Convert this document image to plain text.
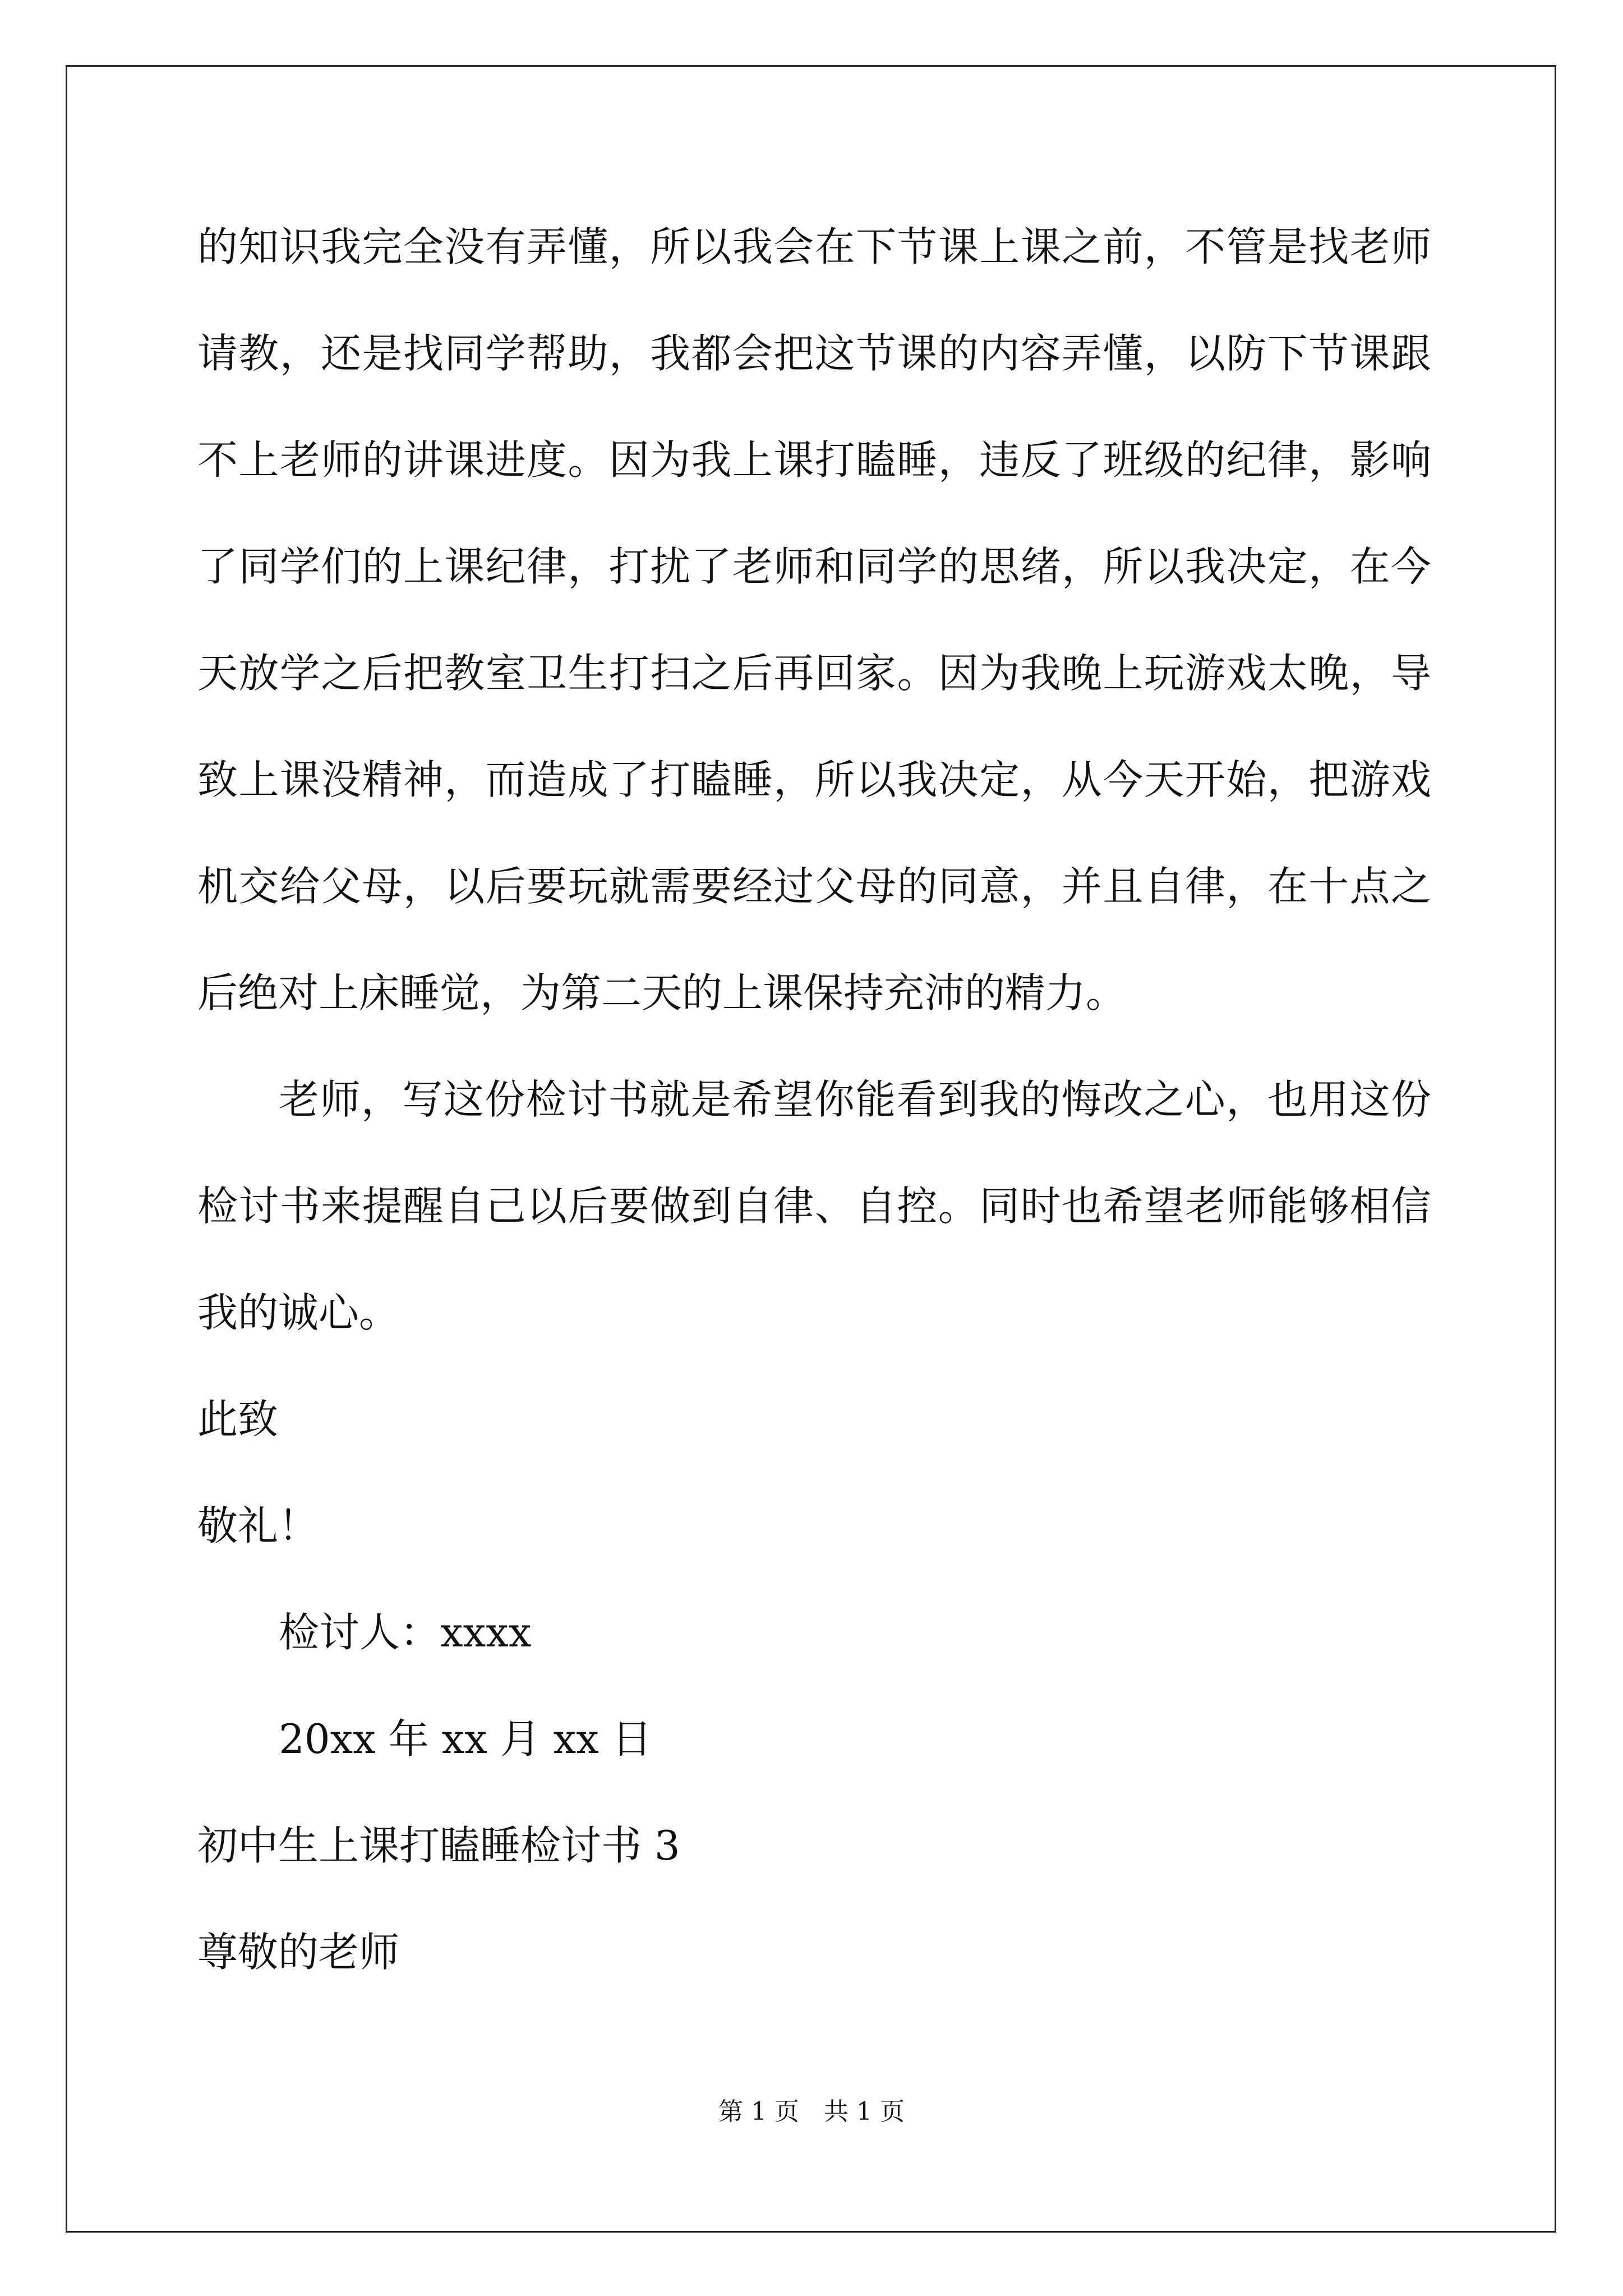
的知识我完全没有弄懂，所以我会在下节课上课之前，不管是找老师
请教，还是找同学帮助，我都会把这节课的内容弄懂，以防下节课跟
不上老师的讲课进度。因为我上课打瞌睡，违反了班级的纪律，影响
了同学们的上课纪律，打扰了老师和同学的思绪，所以我决定，在今
天放学之后把教室卫生打扫之后再回家。因为我晚上玩游戏太晚，导
致上课没精神，而造成了打瞌睡，所以我决定，从今天开始，把游戏
机交给父母，以后要玩就需要经过父母的同意，并且自律，在十点之
后绝对上床睡觉，为第二天的上课保持充沛的精力。
老师，写这份检讨书就是希望你能看到我的悔改之心，也用这份
检讨书来提醒自己以后要做到自律、自控。同时也希望老师能够相信
我的诚心。
此致
敬礼！
检讨人：xxxx
20xx 年 xx 月 xx 日
初中生上课打瞌睡检讨书 3
尊敬的老师
第 1 页　共 1 页
